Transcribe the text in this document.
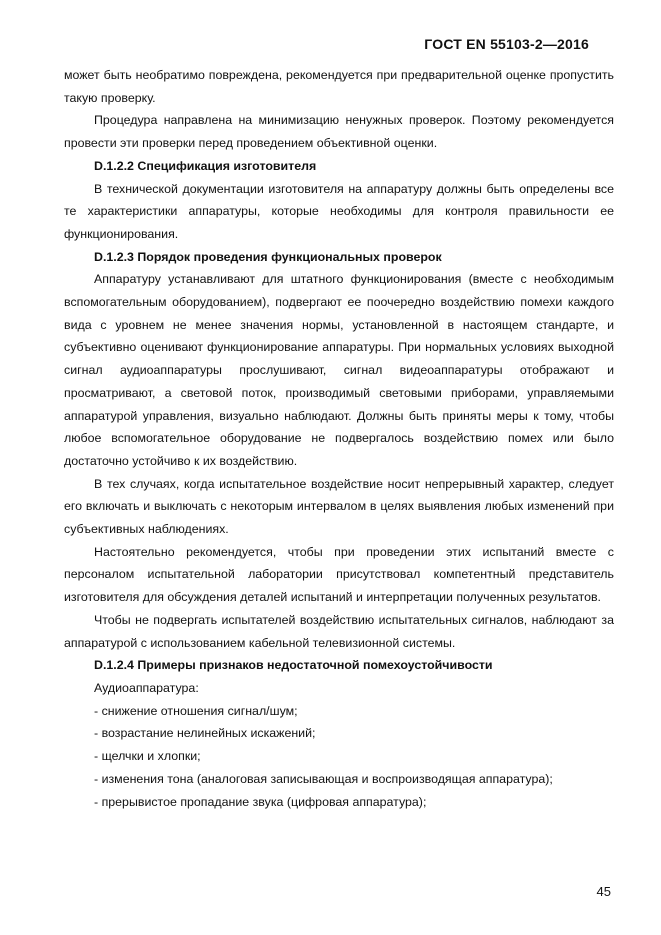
ГОСТ EN 55103-2—2016

может быть необратимо повреждена, рекомендуется при предварительной оценке пропустить такую проверку.

Процедура направлена на минимизацию ненужных проверок. Поэтому рекомендуется провести эти проверки перед проведением объективной оценки.

D.1.2.2 Спецификация изготовителя

В технической документации изготовителя на аппаратуру должны быть определены все те характеристики аппаратуры, которые необходимы для контроля правильности ее функционирования.

D.1.2.3 Порядок проведения функциональных проверок

Аппаратуру устанавливают для штатного функционирования (вместе с необходимым вспомогательным оборудованием), подвергают ее поочередно воздействию помехи каждого вида с уровнем не менее значения нормы, установленной в настоящем стандарте, и субъективно оценивают функционирование аппаратуры. При нормальных условиях выходной сигнал аудиоаппаратуры прослушивают, сигнал видеоаппаратуры отображают и просматривают, а световой поток, производимый световыми приборами, управляемыми аппаратурой управления, визуально наблюдают. Должны быть приняты меры к тому, чтобы любое вспомогательное оборудование не подвергалось воздействию помех или было достаточно устойчиво к их воздействию.

В тех случаях, когда испытательное воздействие носит непрерывный характер, следует его включать и выключать с некоторым интервалом в целях выявления любых изменений при субъективных наблюдениях.

Настоятельно рекомендуется, чтобы при проведении этих испытаний вместе с персоналом испытательной лаборатории присутствовал компетентный представитель изготовителя для обсуждения деталей испытаний и интерпретации полученных результатов.

Чтобы не подвергать испытателей воздействию испытательных сигналов, наблюдают за аппаратурой с использованием кабельной телевизионной системы.

D.1.2.4 Примеры признаков недостаточной помехоустойчивости

Аудиоаппаратура:

- снижение отношения сигнал/шум;

- возрастание нелинейных искажений;

- щелчки и хлопки;

- изменения тона (аналоговая записывающая и воспроизводящая аппаратура);

- прерывистое пропадание звука (цифровая аппаратура);

45
